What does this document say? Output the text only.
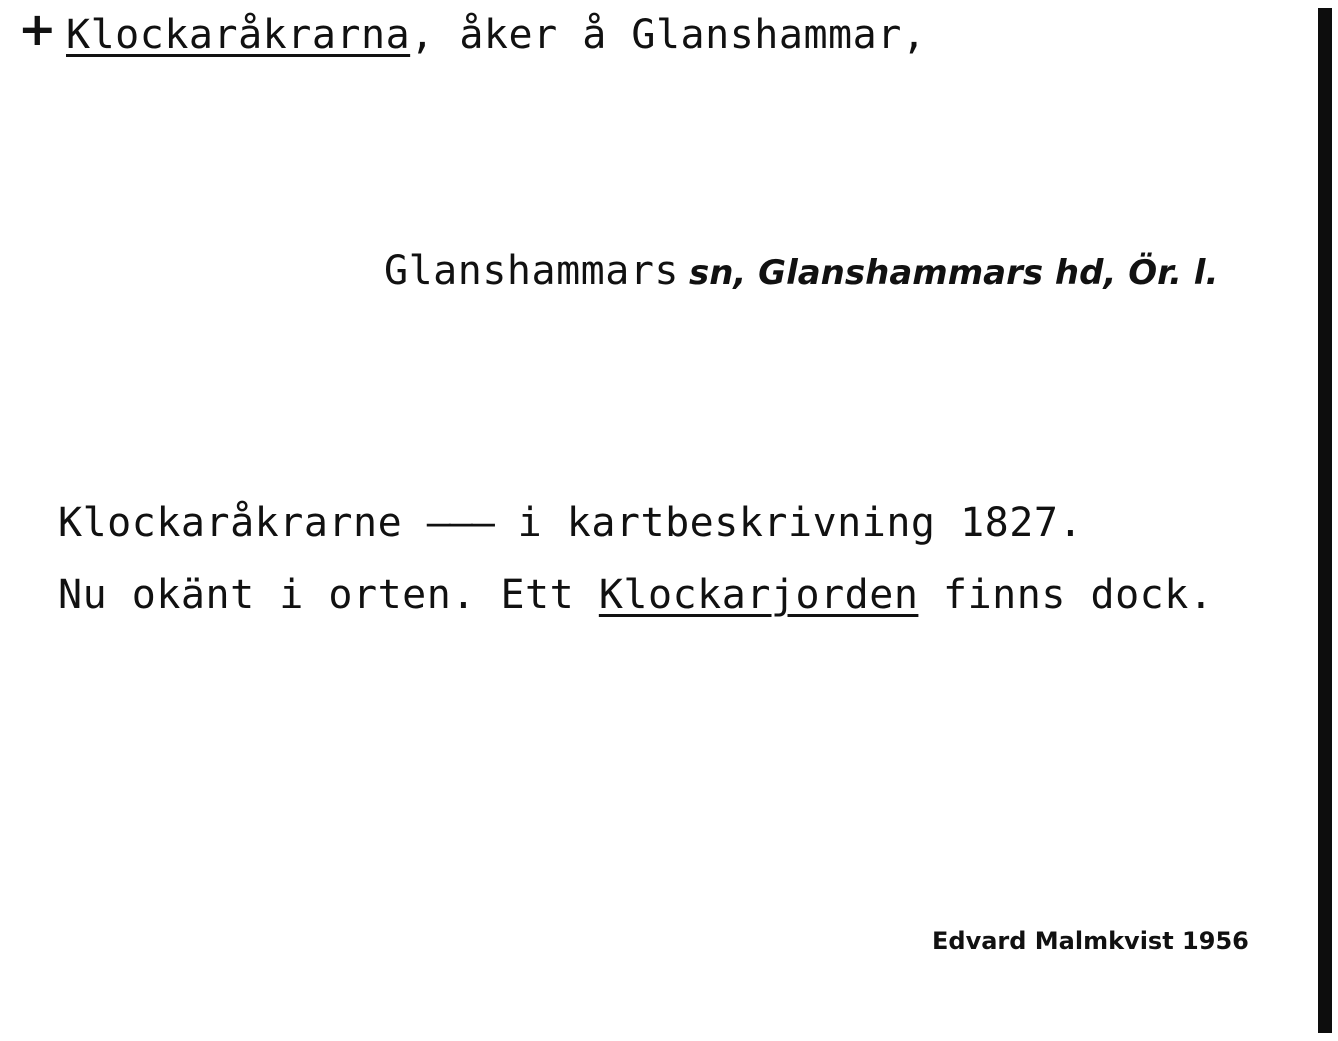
+ Klockaråkrarna, åker å Glanshammar,
Glanshammars sn, Glanshammars hd, Ör. l.
Klockaråkrarne ——— i kartbeskrivning 1827.
Nu okänt i orten. Ett Klockarjorden finns dock.
Edvard Malmkvist 1956
